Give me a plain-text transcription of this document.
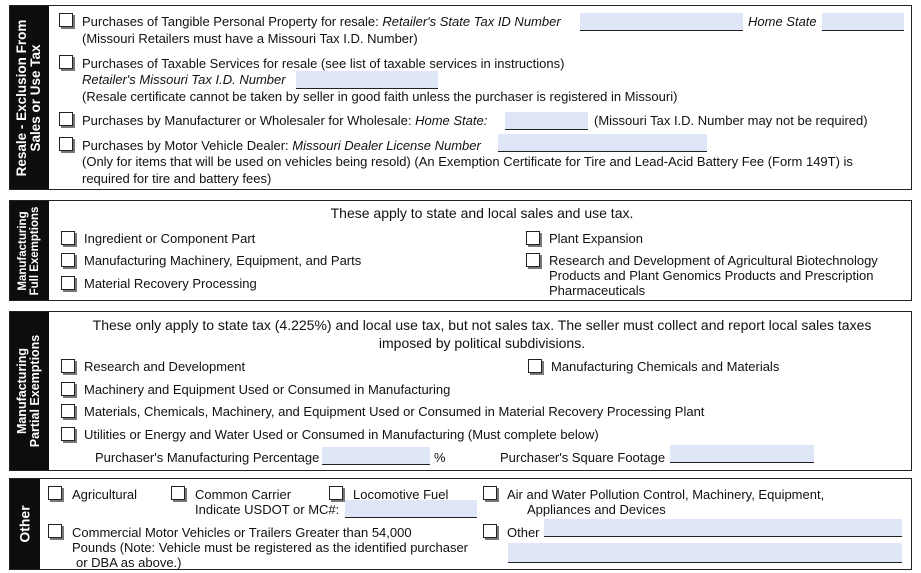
Resale - Exclusion From Sales or Use Tax
Purchases of Tangible Personal Property for resale: Retailer's State Tax ID Number	Home State
(Missouri Retailers must have a Missouri Tax I.D. Number)
Purchases of Taxable Services for resale (see list of taxable services in instructions)
Retailer's Missouri Tax I.D. Number
(Resale certificate cannot be taken by seller in good faith unless the purchaser is registered in Missouri)
Purchases by Manufacturer or Wholesaler for Wholesale: Home State:	(Missouri Tax I.D. Number may not be required)
Purchases by Motor Vehicle Dealer: Missouri Dealer License Number
(Only for items that will be used on vehicles being resold) (An Exemption Certificate for Tire and Lead-Acid Battery Fee (Form 149T) is
required for tire and battery fees)
Manufacturing Full Exemptions	These apply to state and local sales and use tax.
Ingredient or Component Part
Manufacturing Machinery, Equipment, and Parts
Material Recovery Processing
Plant Expansion
Research and Development of Agricultural Biotechnology
Products and Plant Genomics Products and Prescription
Pharmaceuticals
Manufacturing Partial Exemptions
These only apply to state tax (4.225%) and local use tax, but not sales tax. The seller must collect and report local sales taxes
imposed by political subdivisions.
Research and Development	Manufacturing Chemicals and Materials
Machinery and Equipment Used or Consumed in Manufacturing
Materials, Chemicals, Machinery, and Equipment Used or Consumed in Material Recovery Processing Plant
Utilities or Energy and Water Used or Consumed in Manufacturing (Must complete below)
Purchaser's Manufacturing Percentage	%	Purchaser's Square Footage
Other
Agricultural	Common Carrier
Indicate USDOT or MC#:
Locomotive Fuel	Air and Water Pollution Control, Machinery, Equipment,
Appliances and Devices
Commercial Motor Vehicles or Trailers Greater than 54,000
Pounds (Note: Vehicle must be registered as the identified purchaser
or DBA as above.)
Other
